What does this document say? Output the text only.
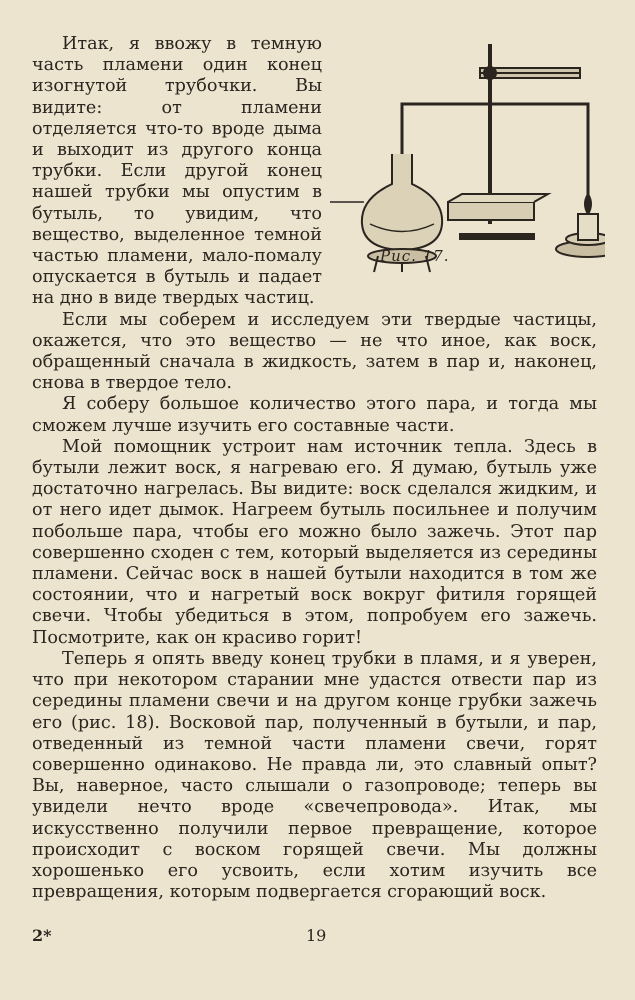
Рис. 17.

Итак, я ввожу в темную часть пламени один конец изогнутой трубочки. Вы видите: от пламени отделяется что-то вроде дыма и выходит из другого конца трубки. Если другой конец нашей трубки мы опустим в бутыль, то увидим, что вещество, выделенное темной частью пламени, мало-помалу опускается в бутыль и падает на дно в виде твердых частиц.

Если мы соберем и исследуем эти твердые частицы, окажется, что это вещество — не что иное, как воск, обращенный сначала в жидкость, затем в пар и, наконец, снова в твердое тело.

Я соберу большое количество этого пара, и тогда мы сможем лучше изучить его составные части.

Мой помощник устроит нам источник тепла. Здесь в бутыли лежит воск, я нагреваю его. Я думаю, бутыль уже достаточно нагрелась. Вы видите: воск сделался жидким, и от него идет дымок. Нагреем бутыль посильнее и получим побольше пара, чтобы его можно было зажечь. Этот пар совершенно сходен с тем, который выделяется из середины пламени. Сейчас воск в нашей бутыли находится в том же состоянии, что и нагретый воск вокруг фитиля горящей свечи. Чтобы убедиться в этом, попробуем его зажечь. Посмотрите, как он красиво горит!

Теперь я опять введу конец трубки в пламя, и я уверен, что при некотором старании мне удастся отвести пар из середины пламени свечи и на другом конце грубки зажечь его (рис. 18). Восковой пар, полученный в бутыли, и пар, отведенный из темной части пламени свечи, горят совершенно одинаково. Не правда ли, это славный опыт? Вы, наверное, часто слышали о газопроводе; теперь вы увидели нечто вроде «свечепровода». Итак, мы искусственно получили первое превращение, которое происходит с воском горящей свечи. Мы должны хорошенько его усвоить, если хотим изучить все превращения, которым подвергается сгорающий воск.

2*	19
